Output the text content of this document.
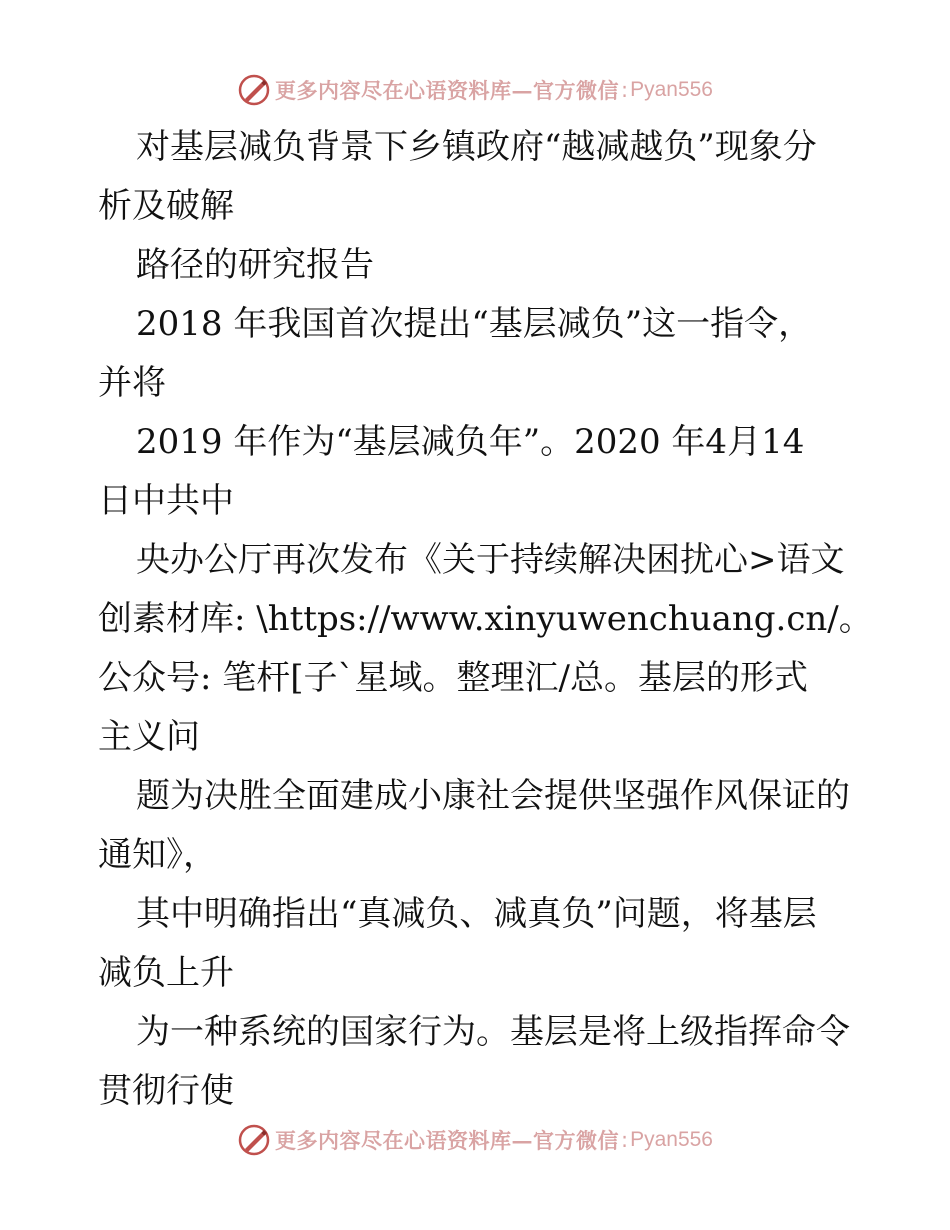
更多内容尽在心语资料库—官方微信 : Pyan556
对基层减负背景下乡镇政府“越减越负”现象分
析及破解
路径的研究报告
2018 年我国首次提出“基层减负”这一指令，
并将
2019 年作为“基层减负年”。2020 年4月14
日中共中
央办公厅再次发布《关于持续解决困扰心>语文
创素材库: \https://www.xinyuwenchuang.cn/。
公众号: 笔杆[子`星域。整理汇/总。基层的形式
主义问
题为决胜全面建成小康社会提供坚强作风保证的
通知》，
其中明确指出“真减负、减真负”问题，将基层
减负上升
为一种系统的国家行为。基层是将上级指挥命令
贯彻行使
更多内容尽在心语资料库—官方微信 : Pyan556
